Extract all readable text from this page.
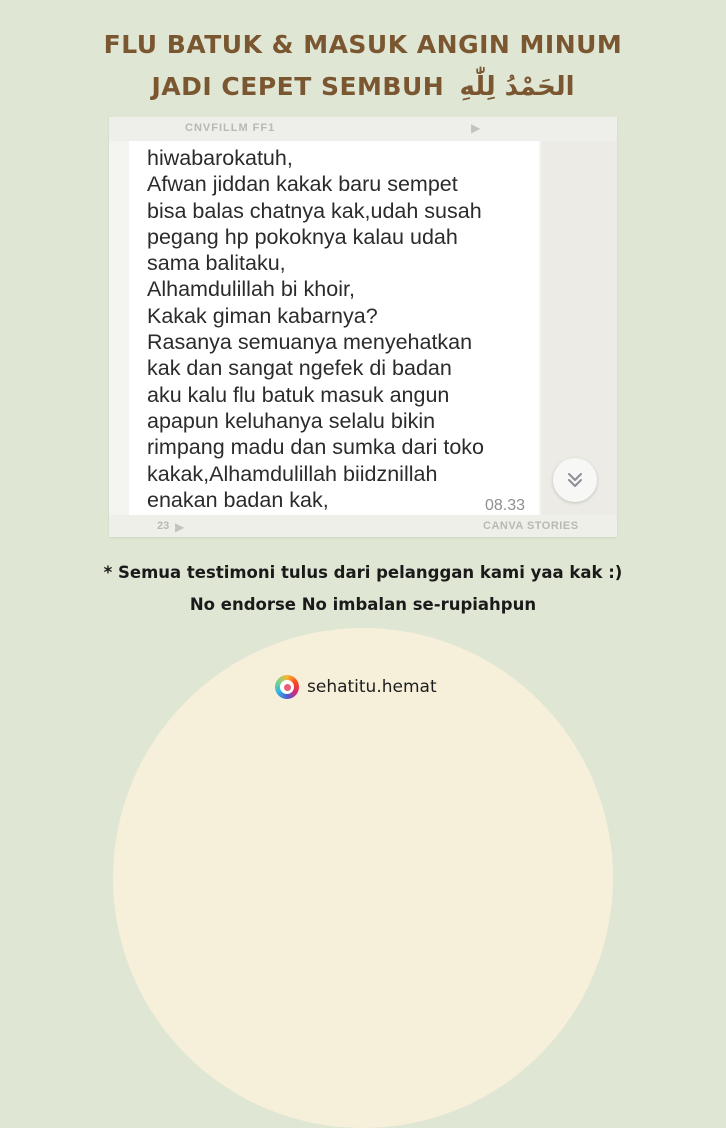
FLU BATUK & MASUK ANGIN MINUM
JADI CEPET SEMBUH الحَمْدُ لِلّٰهِ
CNVFILLM FF1	▶
hiwabarokatuh,
Afwan jiddan kakak baru sempet
bisa balas chatnya kak,udah susah
pegang hp pokoknya kalau udah
sama balitaku,
Alhamdulillah bi khoir,
Kakak giman kabarnya?
Rasanya semuanya menyehatkan
kak dan sangat ngefek di badan
aku kalu flu batuk masuk angun
apapun keluhanya selalu bikin
rimpang madu dan sumka dari toko
kakak,Alhamdulillah biidznillah
enakan badan kak,	08.33
23 ▶	CANVA STORIES
* Semua testimoni tulus dari pelanggan kami yaa kak :)
No endorse No imbalan se-rupiahpun
sehatitu.hemat
